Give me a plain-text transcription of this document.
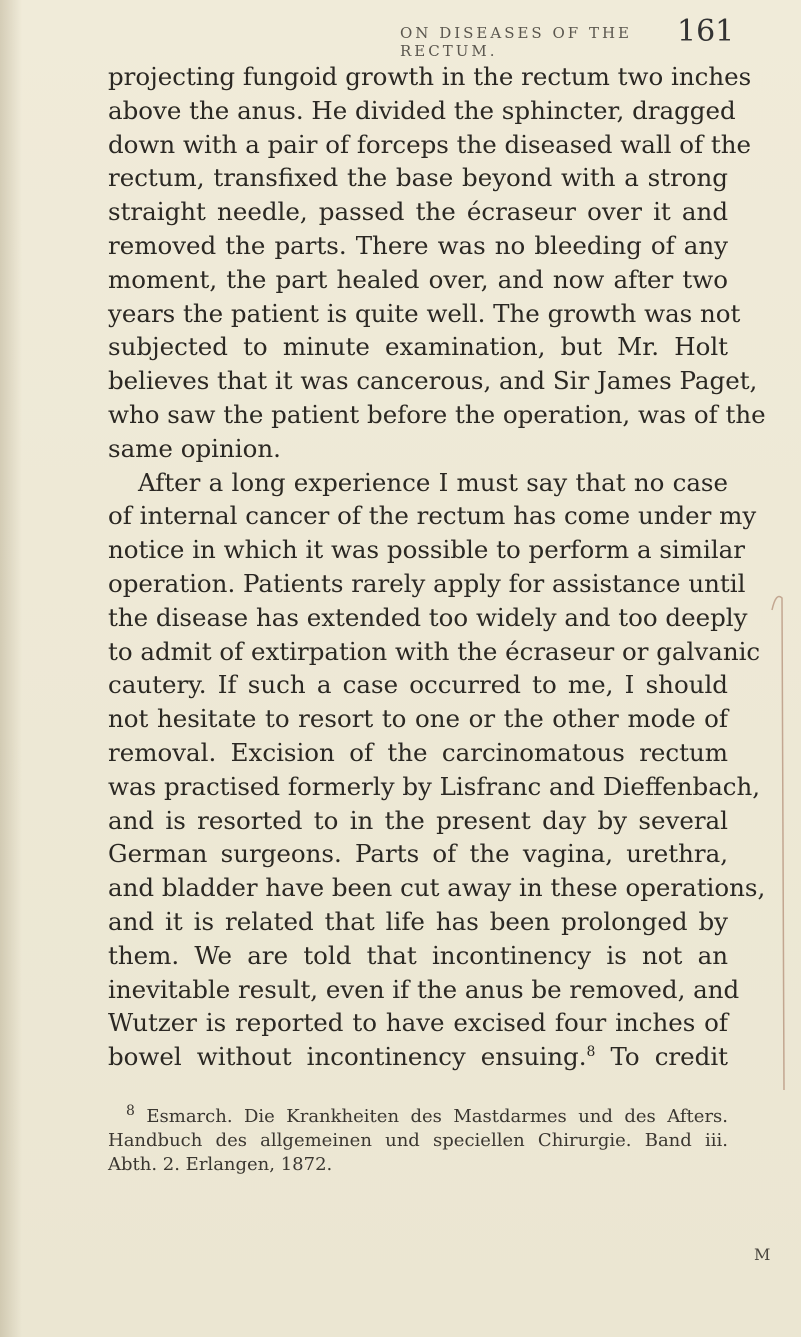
ON DISEASES OF THE RECTUM.
161
projecting fungoid growth in the rectum two inches
above the anus. He divided the sphincter, dragged
down with a pair of forceps the diseased wall of the
rectum, transfixed the base beyond with a strong
straight needle, passed the écraseur over it and
removed the parts. There was no bleeding of any
moment, the part healed over, and now after two
years the patient is quite well. The growth was not
subjected to minute examination, but Mr. Holt
believes that it was cancerous, and Sir James Paget,
who saw the patient before the operation, was of the
same opinion.
After a long experience I must say that no case
of internal cancer of the rectum has come under my
notice in which it was possible to perform a similar
operation. Patients rarely apply for assistance until
the disease has extended too widely and too deeply
to admit of extirpation with the écraseur or galvanic
cautery. If such a case occurred to me, I should
not hesitate to resort to one or the other mode of
removal. Excision of the carcinomatous rectum
was practised formerly by Lisfranc and Dieffenbach,
and is resorted to in the present day by several
German surgeons. Parts of the vagina, urethra,
and bladder have been cut away in these operations,
and it is related that life has been prolonged by
them. We are told that incontinency is not an
inevitable result, even if the anus be removed, and
Wutzer is reported to have excised four inches of
bowel without incontinency ensuing.$^8$ To credit
$^8$ Esmarch. Die Krankheiten des Mastdarmes und des Afters.
Handbuch des allgemeinen und speciellen Chirurgie. Band iii.
Abth. 2. Erlangen, 1872.
M
